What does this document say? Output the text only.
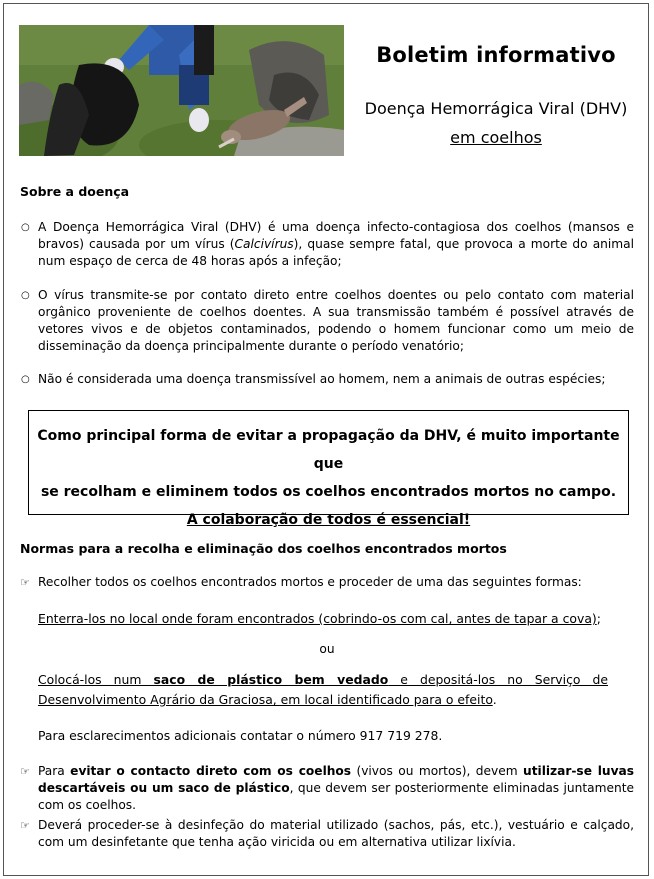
Boletim informativo
Doença Hemorrágica Viral (DHV)
em coelhos
Sobre a doença
○ A Doença Hemorrágica Viral (DHV) é uma doença infecto-contagiosa dos coelhos (mansos e bravos) causada por um vírus (Calcivírus), quase sempre fatal, que provoca a morte do animal num espaço de cerca de 48 horas após a infeção;
○ O vírus transmite-se por contato direto entre coelhos doentes ou pelo contato com material orgânico proveniente de coelhos doentes. A sua transmissão também é possível através de vetores vivos e de objetos contaminados, podendo o homem funcionar como um meio de disseminação da doença principalmente durante o período venatório;
○ Não é considerada uma doença transmissível ao homem, nem a animais de outras espécies;
Como principal forma de evitar a propagação da DHV, é muito importante que
se recolham e eliminem todos os coelhos encontrados mortos no campo.
A colaboração de todos é essencial!
Normas para a recolha e eliminação dos coelhos encontrados mortos
☞ Recolher todos os coelhos encontrados mortos e proceder de uma das seguintes formas:
Enterra-los no local onde foram encontrados (cobrindo-os com cal, antes de tapar a cova);
ou
Colocá-los num saco de plástico bem vedado e depositá-los no Serviço de Desenvolvimento Agrário da Graciosa, em local identificado para o efeito.
Para esclarecimentos adicionais contatar o número 917 719 278.
☞ Para evitar o contacto direto com os coelhos (vivos ou mortos), devem utilizar-se luvas descartáveis ou um saco de plástico, que devem ser posteriormente eliminadas juntamente com os coelhos.
☞ Deverá proceder-se à desinfeção do material utilizado (sachos, pás, etc.), vestuário e calçado, com um desinfetante que tenha ação viricida ou em alternativa utilizar lixívia.
